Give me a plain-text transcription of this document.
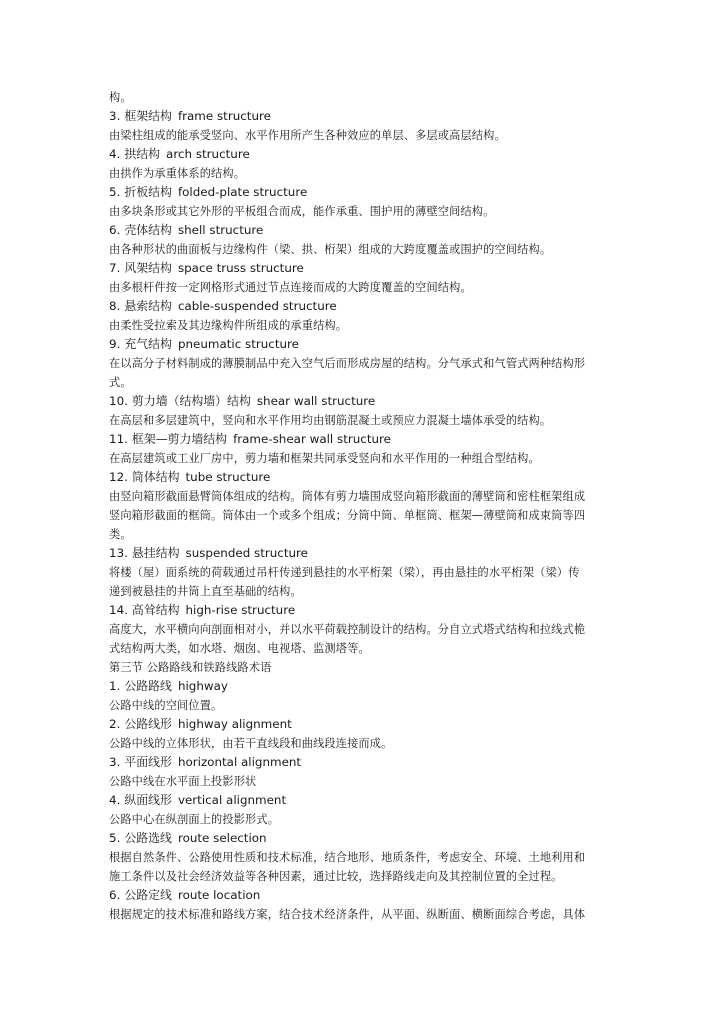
构。
3. 框架结构 frame structure
由梁柱组成的能承受竖向、水平作用所产生各种效应的单层、多层或高层结构。
4. 拱结构 arch structure
由拱作为承重体系的结构。
5. 折板结构 folded-plate structure
由多块条形或其它外形的平板组合而成，能作承重、围护用的薄壁空间结构。
6. 壳体结构 shell structure
由各种形状的曲面板与边缘构件（梁、拱、桁架）组成的大跨度覆盖或围护的空间结构。
7. 风架结构 space truss structure
由多根杆件按一定网格形式通过节点连接而成的大跨度覆盖的空间结构。
8. 悬索结构 cable-suspended structure
由柔性受拉索及其边缘构件所组成的承重结构。
9. 充气结构 pneumatic structure
在以高分子材料制成的薄膜制品中充入空气后而形成房屋的结构。分气承式和气管式两种结构形
式。
10. 剪力墙（结构墙）结构 shear wall structure
在高层和多层建筑中，竖向和水平作用均由钢筋混凝土或预应力混凝土墙体承受的结构。
11. 框架—剪力墙结构 frame-shear wall structure
在高层建筑或工业厂房中，剪力墙和框架共同承受竖向和水平作用的一种组合型结构。
12. 筒体结构 tube structure
由竖向箱形截面悬臂筒体组成的结构。筒体有剪力墙围成竖向箱形截面的薄壁筒和密柱框架组成
竖向箱形截面的框筒。筒体由一个或多个组成；分筒中筒、单框筒、框架—薄壁筒和成束筒等四
类。
13. 悬挂结构 suspended structure
将楼（屋）面系统的荷载通过吊杆传递到悬挂的水平桁架（梁），再由悬挂的水平桁架（梁）传
递到被悬挂的井筒上直至基础的结构。
14. 高耸结构 high-rise structure
高度大，水平横向向剖面相对小，并以水平荷载控制设计的结构。分自立式塔式结构和拉线式桅
式结构两大类，如水塔、烟囱、电视塔、监测塔等。
第三节 公路路线和铁路线路术语
1. 公路路线 highway
公路中线的空间位置。
2. 公路线形 highway alignment
公路中线的立体形状，由若干直线段和曲线段连接而成。
3. 平面线形 horizontal alignment
公路中线在水平面上投影形状
4. 纵面线形 vertical alignment
公路中心在纵剖面上的投影形式。
5. 公路选线 route selection
根据自然条件、公路使用性质和技术标准，结合地形、地质条件，考虑安全、环境、土地利用和
施工条件以及社会经济效益等各种因素，通过比较，选择路线走向及其控制位置的全过程。
6. 公路定线 route location
根据规定的技术标准和路线方案，结合技术经济条件，从平面、纵断面、横断面综合考虑，具体
